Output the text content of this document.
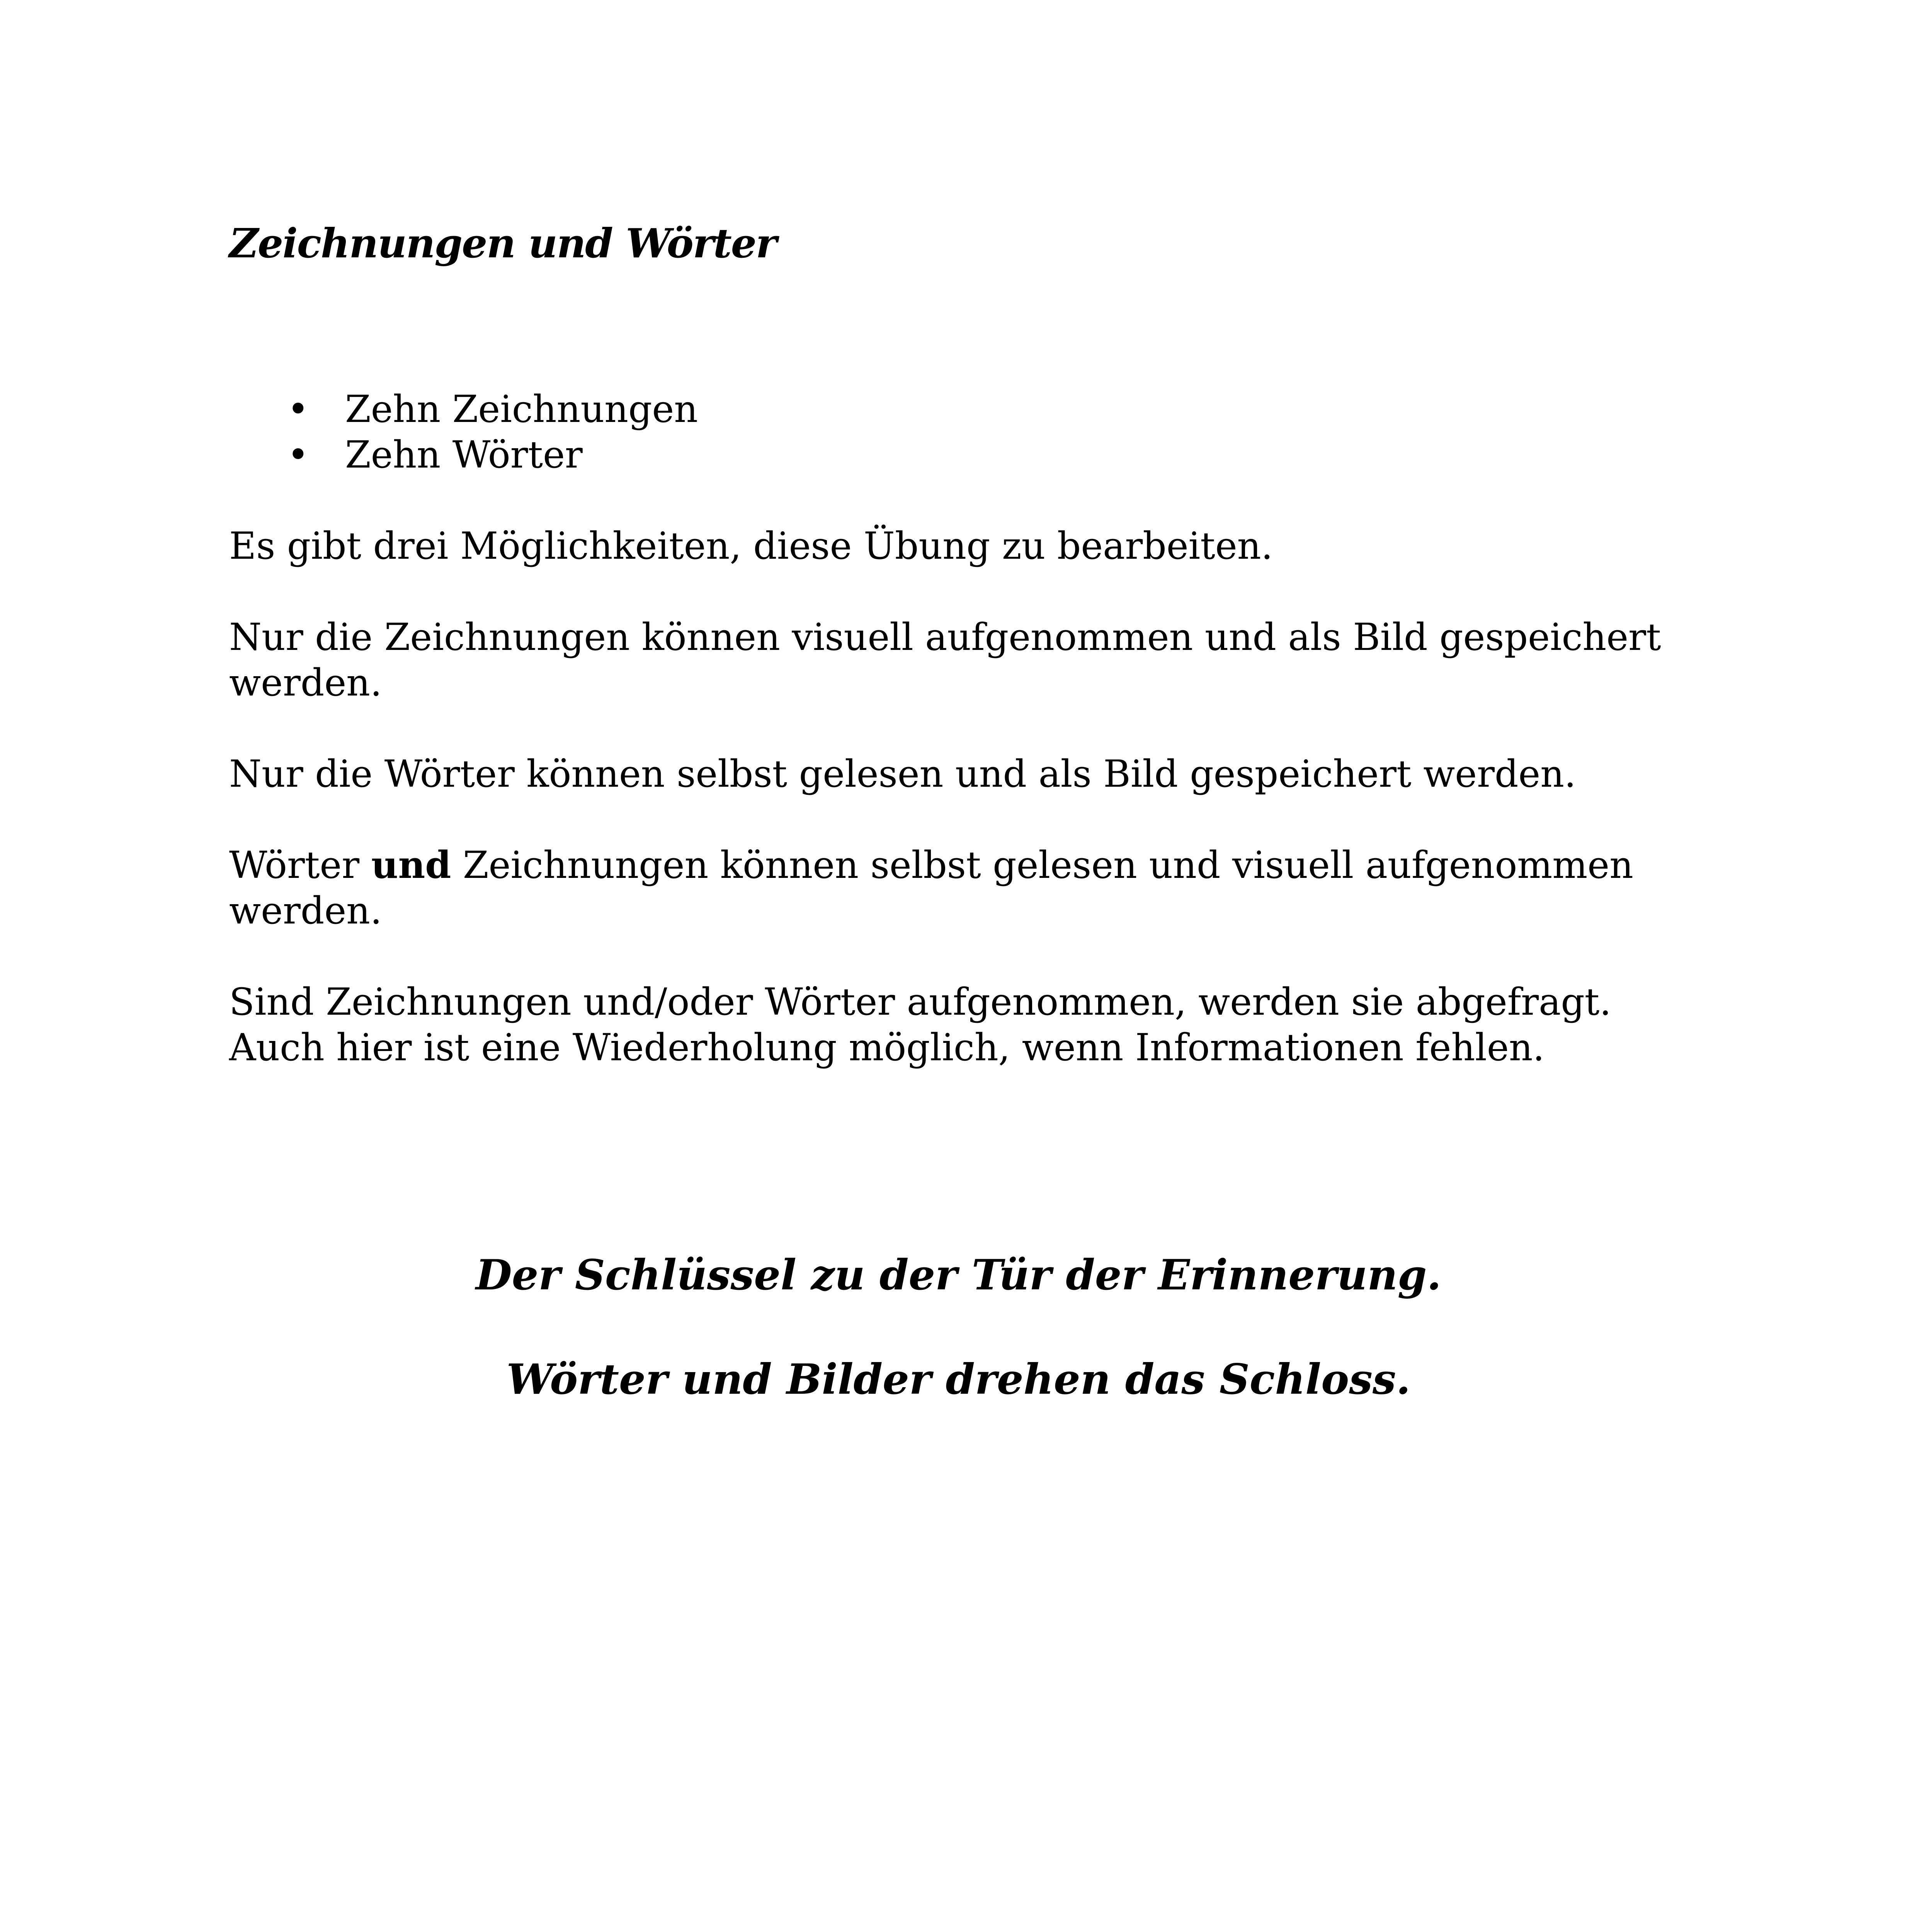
Zeichnungen und Wörter
• Zehn Zeichnungen
• Zehn Wörter

Es gibt drei Möglichkeiten, diese Übung zu bearbeiten.

Nur die Zeichnungen können visuell aufgenommen und als Bild gespeichert werden.

Nur die Wörter können selbst gelesen und als Bild gespeichert werden.

Wörter und Zeichnungen können selbst gelesen und visuell aufgenommen werden.

Sind Zeichnungen und/oder Wörter aufgenommen, werden sie abgefragt.
Auch hier ist eine Wiederholung möglich, wenn Informationen fehlen.

Der Schlüssel zu der Tür der Erinnerung.

Wörter und Bilder drehen das Schloss.
